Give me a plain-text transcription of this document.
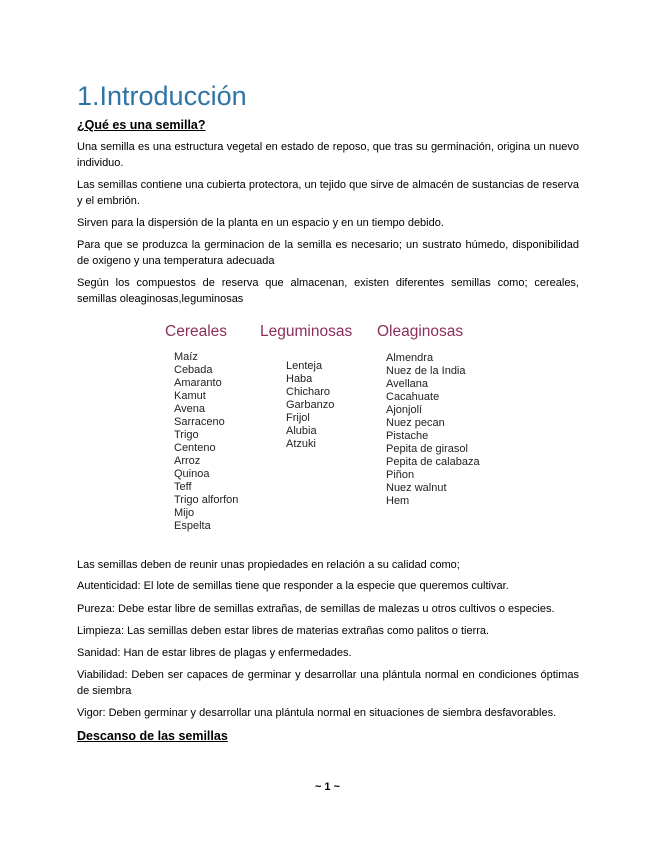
1.Introducción
¿Qué es una semilla?

Una semilla es una estructura vegetal en estado de reposo, que tras su germinación, origina un nuevo individuo.

Las semillas contiene una cubierta protectora, un tejido que sirve de almacén de sustancias de reserva y el embrión.

Sirven para la dispersión de la planta en un espacio y en un tiempo debido.

Para que se produzca la germinacion de la semilla es necesario; un sustrato húmedo, disponibilidad de oxigeno y una temperatura adecuada

Según los compuestos de reserva que almacenan, existen diferentes semillas como; cereales, semillas oleaginosas,leguminosas

Cereales
Maíz
Cebada
Amaranto
Kamut
Avena
Sarraceno
Trigo
Centeno
Arroz
Quinoa
Teff
Trigo alforfon
Mijo
Espelta
Leguminosas
Lenteja
Haba
Chicharo
Garbanzo
Frijol
Alubia
Atzuki
Oleaginosas
Almendra
Nuez de la India
Avellana
Cacahuate
Ajonjolí
Nuez pecan
Pistache
Pepita de girasol
Pepita de calabaza
Piñon
Nuez walnut
Hem

Las semillas deben de reunir unas propiedades en relación a su calidad como;

Autenticidad: El lote de semillas tiene que responder a la especie que queremos cultivar.

Pureza: Debe estar libre de semillas extrañas, de semillas de malezas u otros cultivos o especies.

Limpieza: Las semillas deben estar libres de materias extrañas como palitos o tierra.

Sanidad: Han de estar libres de plagas y enfermedades.

Viabilidad: Deben ser capaces de germinar y desarrollar una plántula normal en condiciones óptimas de siembra

Vigor: Deben germinar y desarrollar una plántula normal en situaciones de siembra desfavorables.

Descanso de las semillas
~ 1 ~
